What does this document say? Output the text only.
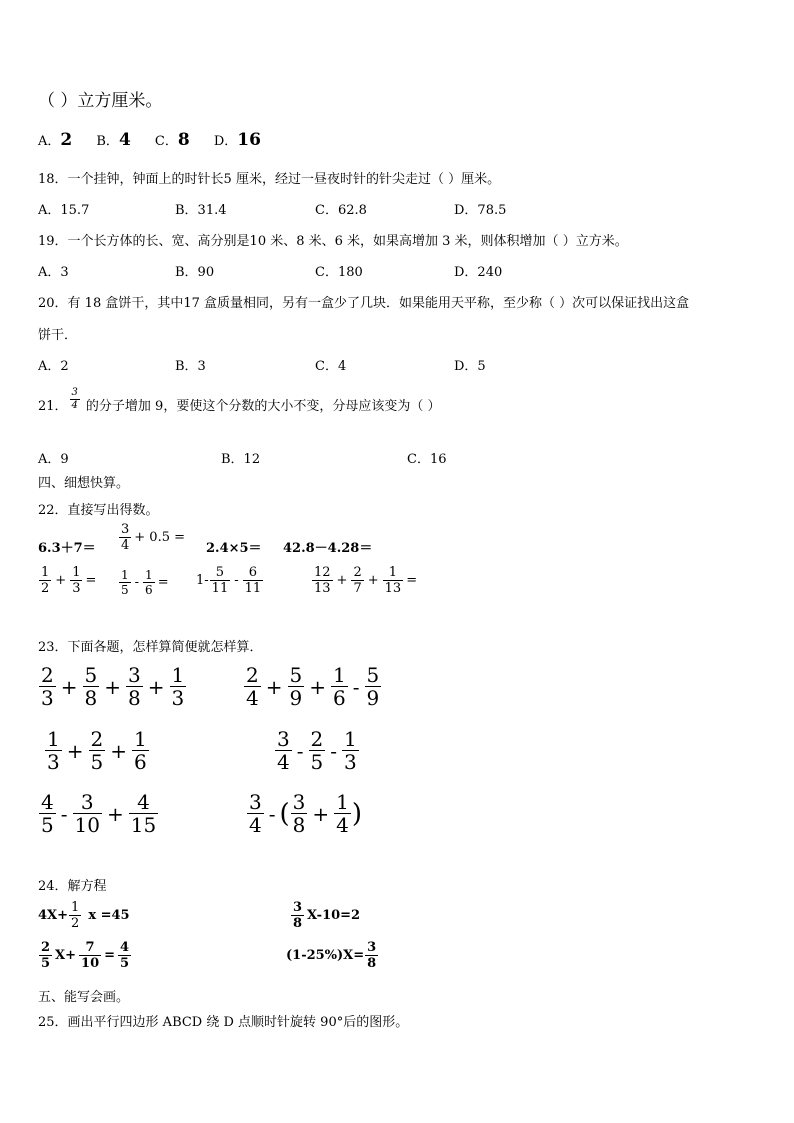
（ ）立方厘米。
A．2 B．4 C．8 D．16
18．一个挂钟，钟面上的时针长5 厘米，经过一昼夜时针的针尖走过（ ）厘米。
A．15.7	B．31.4	C．62.8	D．78.5
19．一个长方体的长、宽、高分别是10 米、8 米、6 米，如果高增加 3 米，则体积增加（ ）立方米。
A．3	B．90	C．180	D．240
20．有 18 盒饼干，其中17 盒质量相同，另有一盒少了几块．如果能用天平称，至少称（ ）次可以保证找出这盒
饼干．
A．2	B．3	C．4	D．5
21． $\frac{3}{4}$ 的分子增加 9，要使这个分数的大小不变，分母应该变为（ ）
A．9	B．12	C．16
四、细想快算。
22．直接写出得数。
$6.3+7= \frac{3}{4} + 0.5$ =
2.4×5＝ 42.8－4.28＝
$\frac{1}{2} + \frac{1}{3} = \frac{1}{5} - \frac{1}{6} = 1- \frac{5}{11} - \frac{6}{11}$	$\frac{12}{13} + \frac{2}{7} + \frac{1}{13}$ =
23．下面各题，怎样算简便就怎样算．
$\frac{2}{3} + \frac{5}{8} + \frac{3}{8} + \frac{1}{3}$	$\frac{2}{4} + \frac{5}{9} + \frac{1}{6} - \frac{5}{9}$
$\frac{1}{3} + \frac{2}{5} + \frac{1}{6}$	$\frac{3}{4} - \frac{2}{5} - \frac{1}{3}$
$\frac{4}{5} - \frac{3}{10} + \frac{4}{15}$	$\frac{3}{4}$ - ( $\frac{3}{8} + \frac{1}{4}$ )
24．解方程
$4X+ \frac{1}{2}$ x =45	$\frac{3}{8} X-10=2$
$\frac{2}{5} X+ \frac{7}{10} = \frac{4}{5}$	$(1-25\%)X= \frac{3}{8}$
五、能写会画。
25．画出平行四边形 ABCD 绕 D 点顺时针旋转 90°后的图形。
